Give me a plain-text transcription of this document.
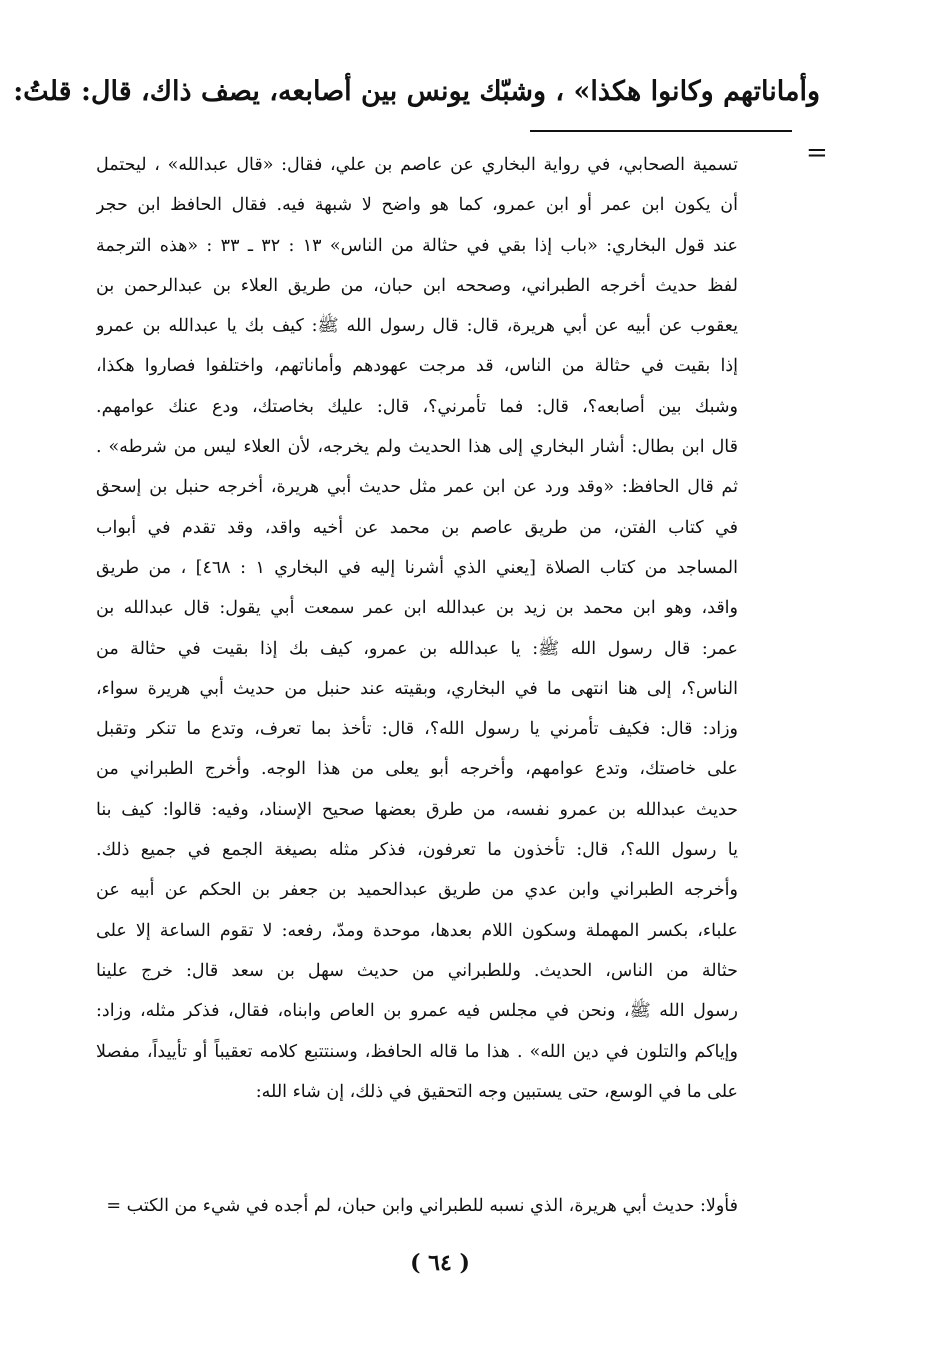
وأماناتهم وكانوا هكذا» ، وشبّك يونس بين أصابعه، يصف ذاك، قال: قلتُ:
=
تسمية الصحابي، في رواية البخاري عن عاصم بن علي، فقال: «قال عبدالله» ، ليحتمل
أن يكون ابن عمر أو ابن عمرو، كما هو واضح لا شبهة فيه. فقال الحافظ ابن حجر
عند قول البخاري: «باب إذا بقي في حثالة من الناس» ١٣ : ٣٢ ـ ٣٣ : «هذه الترجمة
لفظ حديث أخرجه الطبراني، وصححه ابن حبان، من طريق العلاء بن عبدالرحمن بن
يعقوب عن أبيه عن أبي هريرة، قال: قال رسول الله ﷺ: كيف بك يا عبدالله بن عمرو
إذا بقيت في حثالة من الناس، قد مرجت عهودهم وأماناتهم، واختلفوا فصاروا هكذا،
وشبك بين أصابعه؟، قال: فما تأمرني؟، قال: عليك بخاصتك، ودع عنك عوامهم.
قال ابن بطال: أشار البخاري إلى هذا الحديث ولم يخرجه، لأن العلاء ليس من شرطه» .
ثم قال الحافظ: «وقد ورد عن ابن عمر مثل حديث أبي هريرة، أخرجه حنبل بن إسحق
في كتاب الفتن، من طريق عاصم بن محمد عن أخيه واقد، وقد تقدم في أبواب
المساجد من كتاب الصلاة [يعني الذي أشرنا إليه في البخاري ١ : ٤٦٨] ، من طريق
واقد، وهو ابن محمد بن زيد بن عبدالله ابن عمر سمعت أبي يقول: قال عبدالله بن
عمر: قال رسول الله ﷺ: يا عبدالله بن عمرو، كيف بك إذا بقيت في حثالة من
الناس؟، إلى هنا انتهى ما في البخاري، وبقيته عند حنبل من حديث أبي هريرة سواء،
وزاد: قال: فكيف تأمرني يا رسول الله؟، قال: تأخذ بما تعرف، وتدع ما تنكر وتقبل
على خاصتك، وتدع عوامهم، وأخرجه أبو يعلى من هذا الوجه. وأخرج الطبراني من
حديث عبدالله بن عمرو نفسه، من طرق بعضها صحيح الإسناد، وفيه: قالوا: كيف بنا
يا رسول الله؟، قال: تأخذون ما تعرفون، فذكر مثله بصيغة الجمع في جميع ذلك.
وأخرجه الطبراني وابن عدي من طريق عبدالحميد بن جعفر بن الحكم عن أبيه عن
علباء، بكسر المهملة وسكون اللام بعدها، موحدة ومدّ، رفعه: لا تقوم الساعة إلا على
حثالة من الناس، الحديث. وللطبراني من حديث سهل بن سعد قال: خرج علينا
رسول الله ﷺ، ونحن في مجلس فيه عمرو بن العاص وابناه، فقال، فذكر مثله، وزاد:
وإياكم والتلون في دين الله» . هذا ما قاله الحافظ، وسنتتبع كلامه تعقيباً أو تأييداً، مفصلا
على ما في الوسع، حتى يستبين وجه التحقيق في ذلك، إن شاء الله:
فأولا: حديث أبي هريرة، الذي نسبه للطبراني وابن حبان، لم أجده في شيء من الكتب =
( ٦٤ )
